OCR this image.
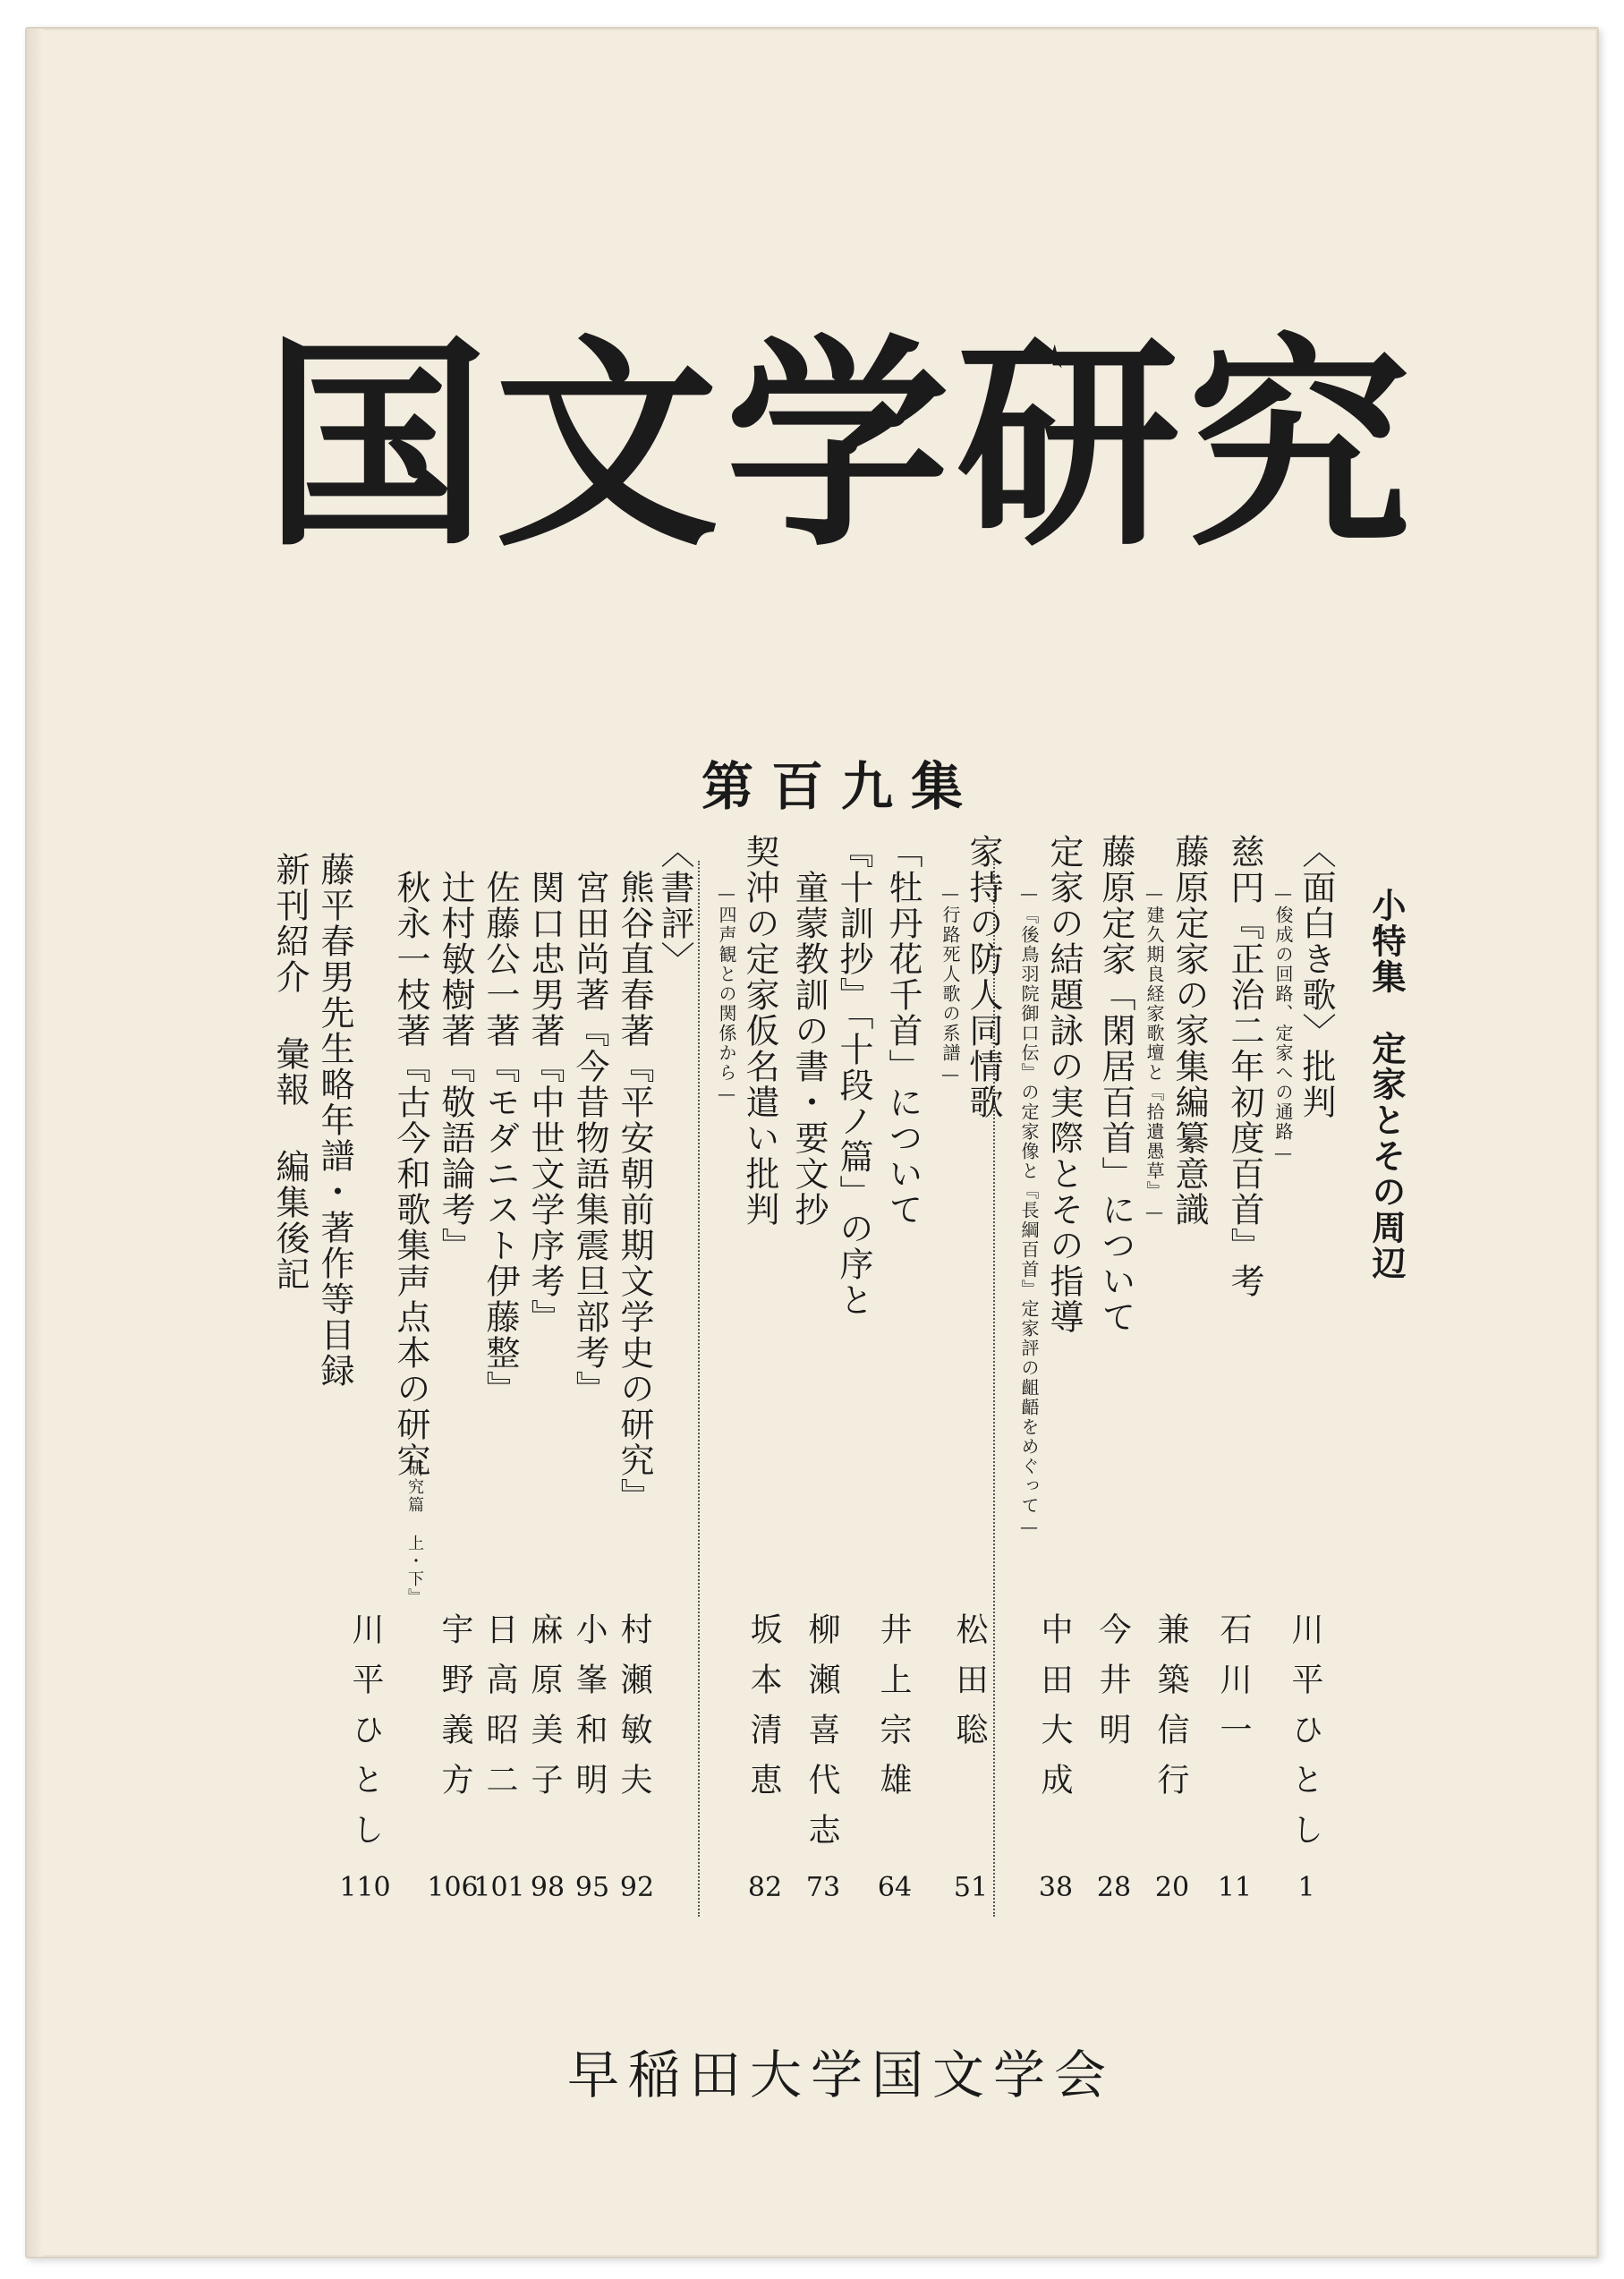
国文学研究
第百九集
小特集
定家とその周辺
〈面白き歌〉批判
—俊成の回路、定家への通路—
川平ひとし
1
慈円『正治二年初度百首』考
石川一
11
藤原定家の家集編纂意識
—建久期良経家歌壇と『拾遺愚草』—
兼築信行
20
藤原定家「閑居百首」について
今井明
28
定家の結題詠の実際とその指導
—『後鳥羽院御口伝』の定家像と『長綱百首』定家評の齟齬をめぐって—
中田大成
38
家持の防人同情歌
—行路死人歌の系譜—
松田聡
51
「牡丹花千首」について
井上宗雄
64
『十訓抄』「十段ノ篇」の序と
童蒙教訓の書・要文抄
柳瀬喜代志
73
契沖の定家仮名遣い批判
—四声観との関係から—
坂本清恵
82
〈書評〉
熊谷直春著『平安朝前期文学史の研究』
村瀬敏夫
92
宮田尚著『今昔物語集震旦部考』
小峯和明
95
関口忠男著『中世文学序考』
麻原美子
98
佐藤公一著『モダニスト伊藤整』
日高昭二
101
辻村敏樹著『敬語論考』
宇野義方
106
秋永一枝著『古今和歌集声点本の研究
研究篇 上・下』
川平ひとし
110
藤平春男先生略年譜・著作等目録
新刊紹介 彙報 編集後記
早稲田大学国文学会
